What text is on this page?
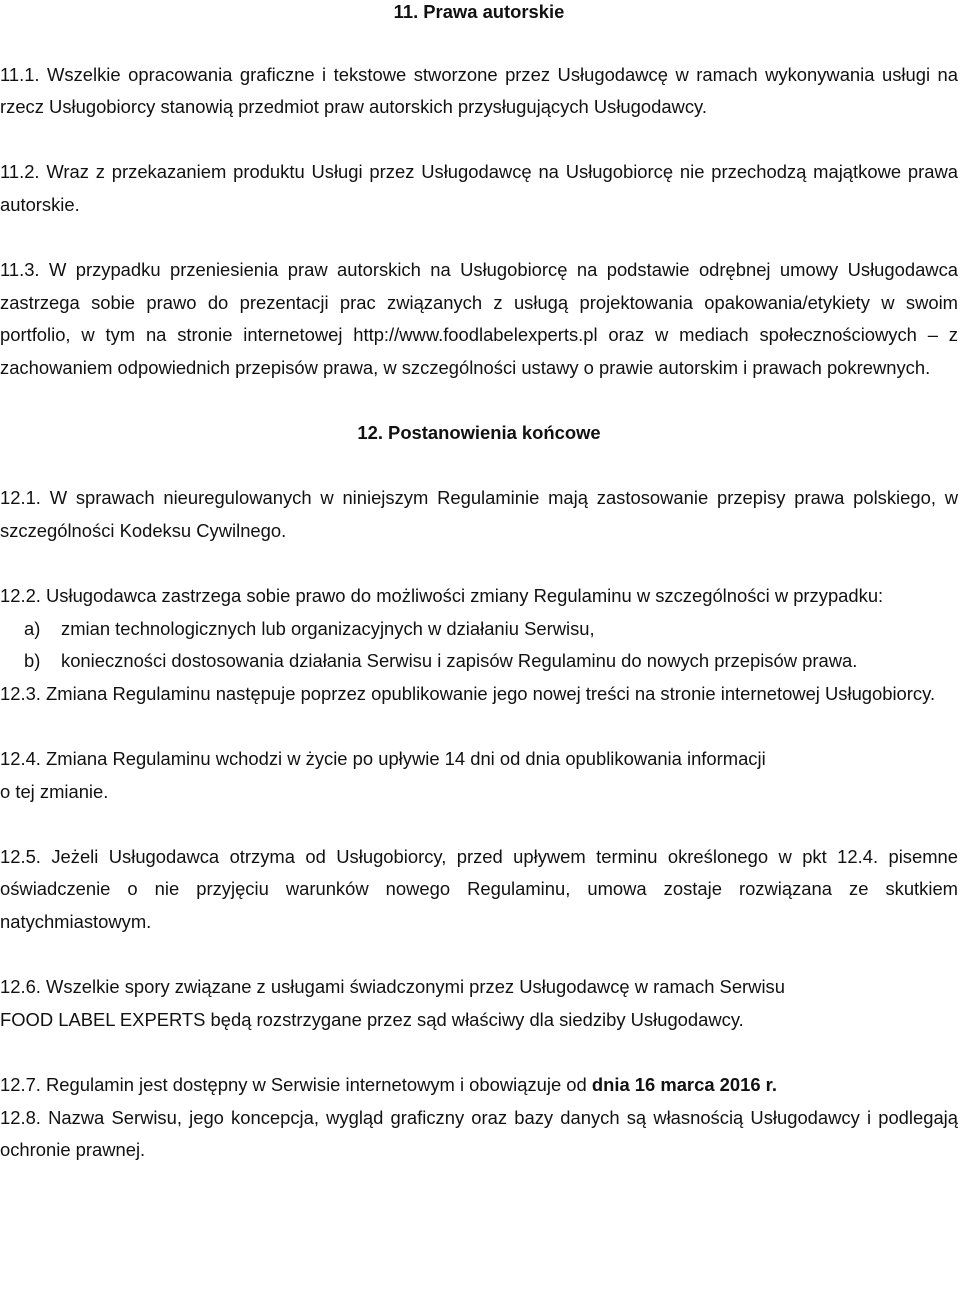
11. Prawa autorskie

11.1. Wszelkie opracowania graficzne i tekstowe stworzone przez Usługodawcę w ramach wykonywania usługi na rzecz Usługobiorcy stanowią przedmiot praw autorskich przysługujących Usługodawcy.

11.2. Wraz z przekazaniem produktu Usługi przez Usługodawcę na Usługobiorcę nie przechodzą majątkowe prawa autorskie.

11.3. W przypadku przeniesienia praw autorskich na Usługobiorcę na podstawie odrębnej umowy Usługodawca zastrzega sobie prawo do prezentacji prac związanych z usługą projektowania opakowania/etykiety w swoim portfolio, w tym na stronie internetowej http://www.foodlabelexperts.pl oraz w mediach społecznościowych – z zachowaniem odpowiednich przepisów prawa, w szczególności ustawy o prawie autorskim i prawach pokrewnych.

12. Postanowienia końcowe

12.1. W sprawach nieuregulowanych w niniejszym Regulaminie mają zastosowanie przepisy prawa polskiego, w szczególności Kodeksu Cywilnego.

12.2. Usługodawca zastrzega sobie prawo do możliwości zmiany Regulaminu w szczególności w przypadku:

a) zmian technologicznych lub organizacyjnych w działaniu Serwisu,
b) konieczności dostosowania działania Serwisu i zapisów Regulaminu do nowych przepisów prawa.

12.3. Zmiana Regulaminu następuje poprzez opublikowanie jego nowej treści na stronie internetowej Usługobiorcy.

12.4. Zmiana Regulaminu wchodzi w życie po upływie 14 dni od dnia opublikowania informacji

o tej zmianie.

12.5. Jeżeli Usługodawca otrzyma od Usługobiorcy, przed upływem terminu określonego w pkt 12.4. pisemne oświadczenie o nie przyjęciu warunków nowego Regulaminu, umowa zostaje rozwiązana ze skutkiem natychmiastowym.

12.6. Wszelkie spory związane z usługami świadczonymi przez Usługodawcę w ramach Serwisu

FOOD LABEL EXPERTS będą rozstrzygane przez sąd właściwy dla siedziby Usługodawcy.

12.7. Regulamin jest dostępny w Serwisie internetowym i obowiązuje od dnia 16 marca 2016 r.

12.8. Nazwa Serwisu, jego koncepcja, wygląd graficzny oraz bazy danych są własnością Usługodawcy i podlegają ochronie prawnej.
